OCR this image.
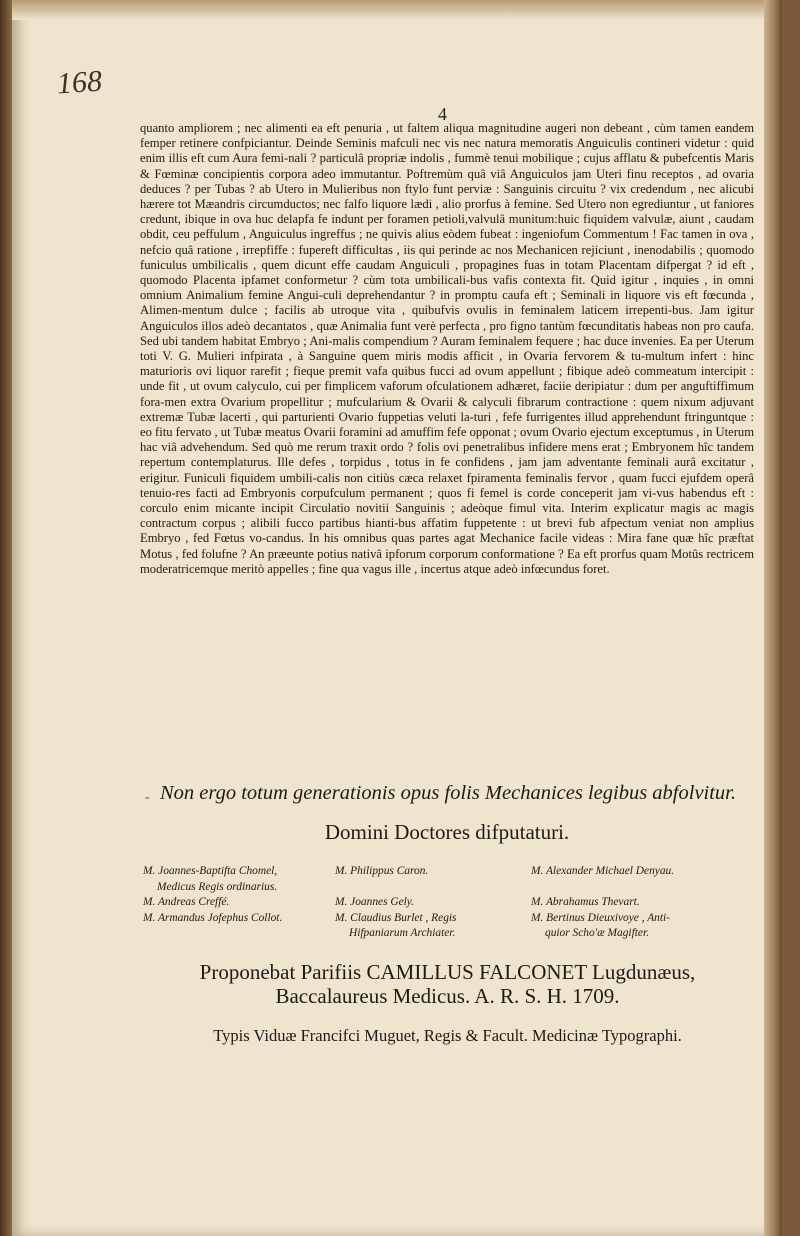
168
4

quanto ampliorem ; nec alimenti ea eft penuria , ut faltem aliqua magnitudine augeri non debeant , cùm tamen eandem femper retinere confpiciantur. Deinde Seminis mafculi nec vis nec natura memoratis Anguiculis contineri videtur : quid enim illis eft cum Aura femi-nali ? particulâ propriæ indolis , fummè tenui mobilique ; cujus afflatu & pubefcentis Maris & Fœminæ concipientis corpora adeo immutantur. Poftremùm quâ viâ Anguiculos jam Uteri finu receptos , ad ovaria deduces ? per Tubas ? ab Utero in Mulieribus non ftylo funt perviæ : Sanguinis circuitu ? vix credendum , nec alicubi hærere tot Mæandris circumductos; nec falfo liquore lædi , alio prorfus à femine. Sed Utero non egrediuntur , ut faniores credunt, ibique in ova huc delapfa fe indunt per foramen petioli,valvulâ munitum:huic fiquidem valvulæ, aiunt , caudam obdit, ceu peffulum , Anguiculus ingreffus ; ne quivis alius eòdem fubeat : ingeniofum Commentum ! Fac tamen in ova , nefcio quâ ratione , irrepfiffe : fupereft difficultas , iis qui perinde ac nos Mechanicen rejiciunt , inenodabilis ; quomodo funiculus umbilicalis , quem dicunt effe caudam Anguiculi , propagines fuas in totam Placentam difpergat ? id eft , quomodo Placenta ipfamet conformetur ? cùm tota umbilicali-bus vafis contexta fit. Quid igitur , inquies , in omni omnium Animalium femine Angui-culi deprehendantur ? in promptu caufa eft ; Seminali in liquore vis eft fœcunda , Alimen-mentum dulce ; facilis ab utroque vita , quibufvis ovulis in feminalem laticem irrepenti-bus. Jam igitur Anguiculos illos adeò decantatos , quæ Animalia funt verè perfecta , pro figno tantùm fœcunditatis habeas non pro caufa. Sed ubi tandem habitat Embryo ; Ani-malis compendium ? Auram feminalem fequere ; hac duce invenies. Ea per Uterum toti V. G. Mulieri infpirata , à Sanguine quem miris modis afficit , in Ovaria fervorem & tu-multum infert : hinc maturioris ovi liquor rarefit ; fieque premit vafa quibus fucci ad ovum appellunt ; fibique adeò commeatum intercipit : unde fit , ut ovum calyculo, cui per fimplicem vaforum ofculationem adhæret, faciie deripiatur : dum per anguftiffimum fora-men extra Ovarium propellitur ; mufcularium & Ovarii & calyculi fibrarum contractione : quem nixum adjuvant extremæ Tubæ lacerti , qui parturienti Ovario fuppetias veluti la-turi , fefe furrigentes illud apprehendunt ftringuntque : eo fitu fervato , ut Tubæ meatus Ovarii foramini ad amuffim fefe opponat ; ovum Ovario ejectum exceptumus , in Uterum hac viâ advehendum. Sed quò me rerum traxit ordo ? folis ovi penetralibus infidere mens erat ; Embryonem hîc tandem repertum contemplaturus. Ille defes , torpidus , totus in fe confidens , jam jam adventante feminali aurâ excitatur , erigitur. Funiculi fiquidem umbili-calis non citiùs cæca relaxet fpiramenta feminalis fervor , quam fucci ejufdem operâ tenuio-res facti ad Embryonis corpufculum permanent ; quos fi femel is corde conceperit jam vi-vus habendus eft : corculo enim micante incipit Circulatio novitii Sanguinis ; adeòque fimul vita. Interim explicatur magis ac magis contractum corpus ; alibili fucco partibus hianti-bus affatim fuppetente : ut brevi fub afpectum veniat non amplius Embryo , fed Fœtus vo-candus. In his omnibus quas partes agat Mechanice facile videas : Mira fane quæ hîc præftat Motus , fed folufne ? An præeunte potius nativâ ipforum corporum conformatione ? Ea eft prorfus quam Motûs rectricem moderatricemque meritò appelles ; fine qua vagus ille , incertus atque adeò infœcundus foret.

- Non ergo totum generationis opus folis Mechanices legibus abfolvitur.
Domini Doctores difputaturi.
M. Joannes-Baptifta Chomel,
Medicus Regis ordinarius.
M. Andreas Creffé.
M. Armandus Jofephus Collot.
M. Philippus Caron.
M. Joannes Gely.
M. Claudius Burlet , Regis
Hifpaniarum Archiater.
M. Alexander Michael Denyau.
M. Abrahamus Thevart.
M. Bertinus Dieuxivoye , Anti-
quior Scho'æ Magifter.
Proponebat Parifiis CAMILLUS FALCONET Lugdunæus,
Baccalaureus Medicus. A. R. S. H. 1709.
Typis Viduæ Francifci Muguet, Regis & Facult. Medicinæ Typographi.
